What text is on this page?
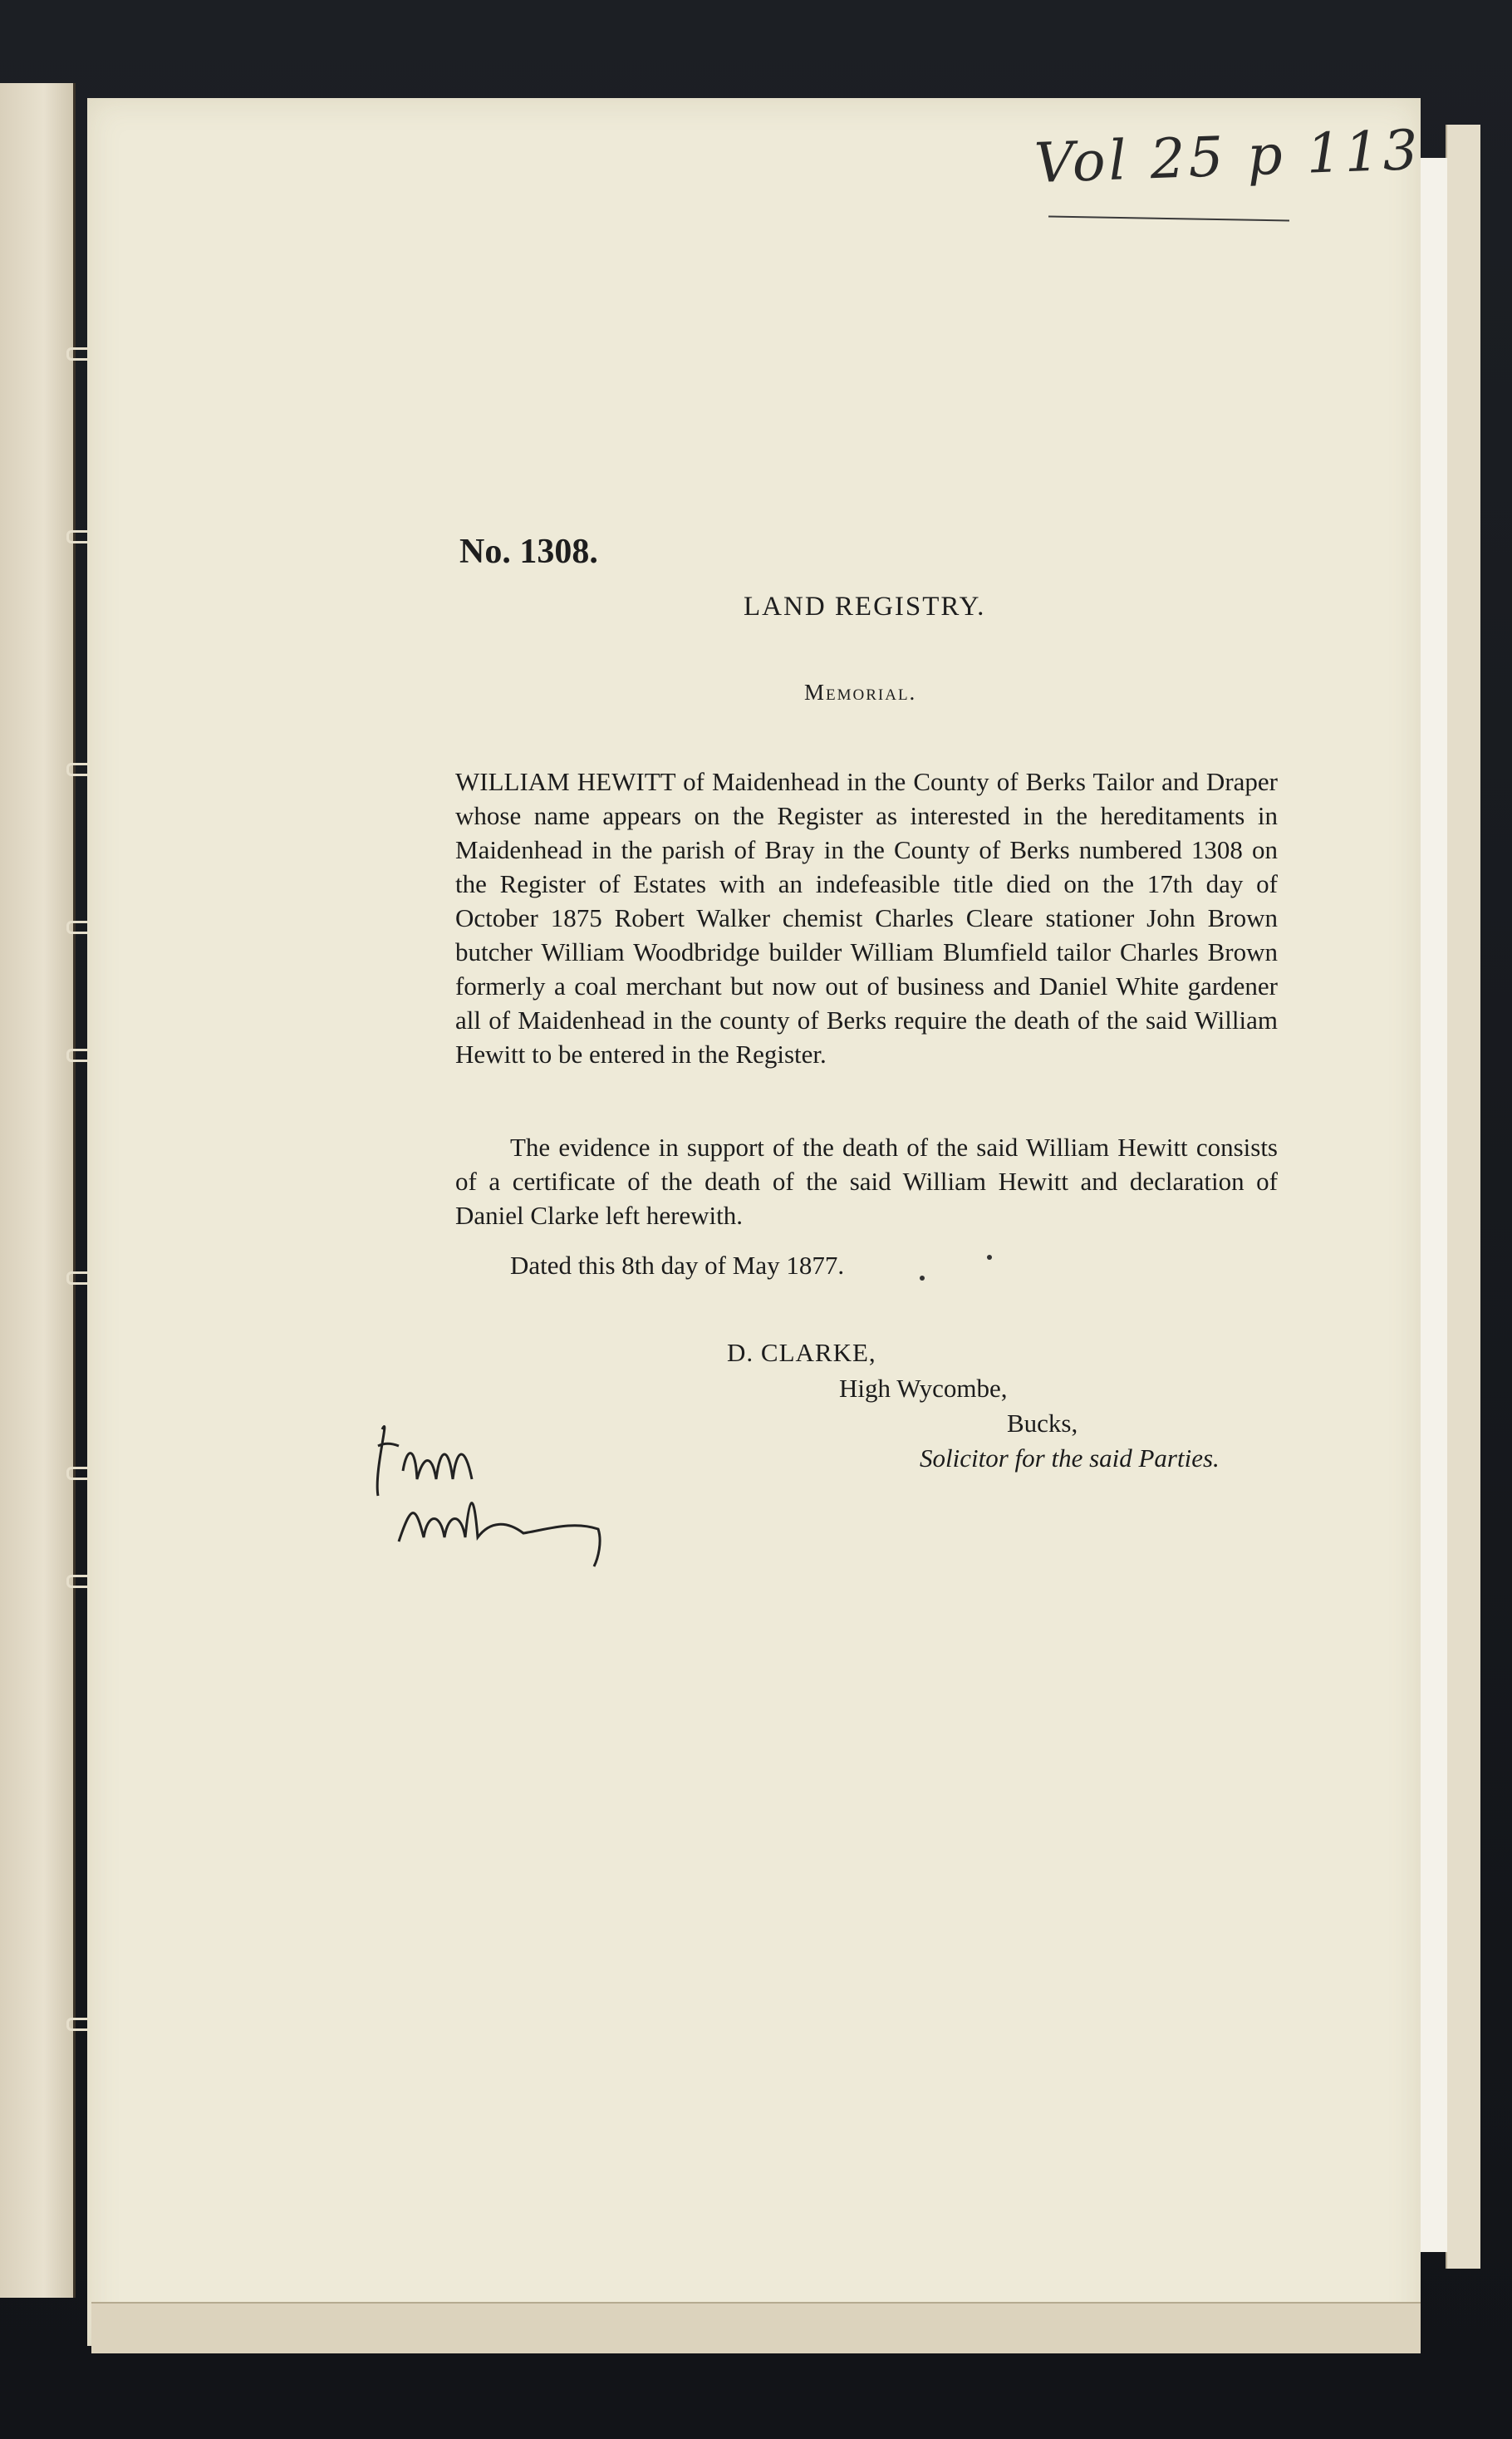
Vol 25 p 113
No. 1308.
LAND REGISTRY.
Memorial.
WILLIAM HEWITT of Maidenhead in the County of Berks Tailor and Draper whose name appears on the Register as interested in the hereditaments in Maidenhead in the parish of Bray in the County of Berks numbered 1308 on the Register of Estates with an indefeasible title died on the 17th day of October 1875 Robert Walker chemist Charles Cleare stationer John Brown butcher William Woodbridge builder William Blumfield tailor Charles Brown formerly a coal merchant but now out of business and Daniel White gardener all of Maidenhead in the county of Berks require the death of the said William Hewitt to be entered in the Register.
The evidence in support of the death of the said William Hewitt consists of a certificate of the death of the said William Hewitt and declaration of Daniel Clarke left herewith.
Dated this 8th day of May 1877.
D. CLARKE,
High Wycombe,
Bucks,
Solicitor for the said Parties.
